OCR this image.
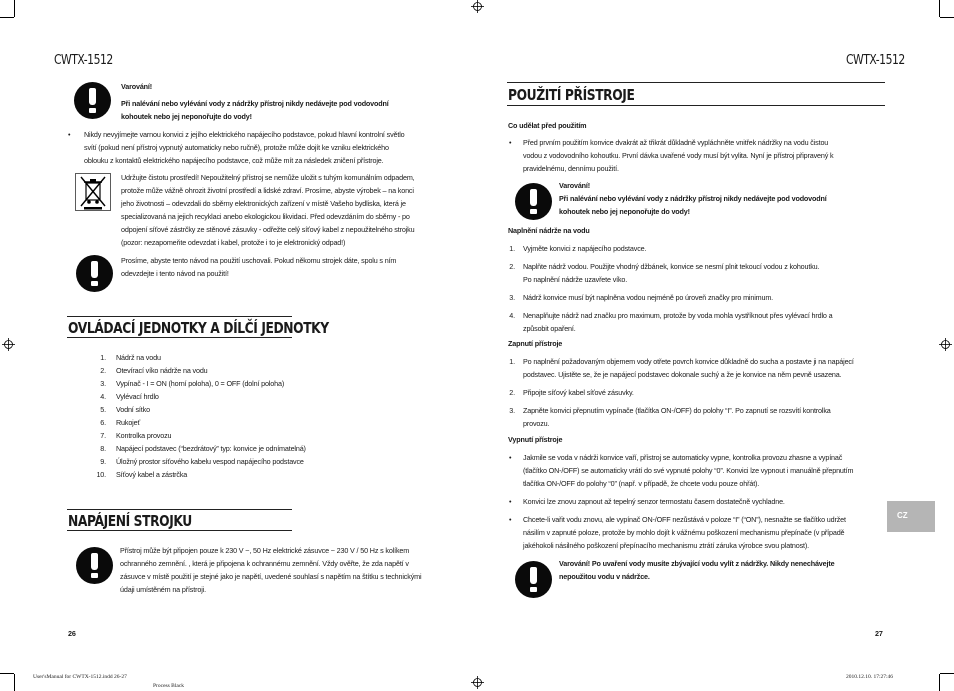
CWTX-1512	CWTX-1512
Varování!
Při nalévání nebo vylévání vody z nádržky přístroj nikdy nedávejte pod vodovodní
kohoutek nebo jej neponořujte do vody!
• Nikdy nevyjímejte varnou konvici z jejího elektrického napájecího podstavce, pokud hlavní kontrolní světlo
svítí (pokud není přístroj vypnutý automaticky nebo ručně), protože může dojít ke vzniku elektrického
oblouku z kontaktů elektrického napájecího podstavce, což může mít za následek zničení přístroje.
Udržujte čistotu prostředí! Nepoužitelný přístroj se nemůže uložit s tuhým komunálním odpadem,
protože může vážně ohrozit životní prostředí a lidské zdraví. Prosíme, abyste výrobek – na konci
jeho životnosti – odevzdali do sběrny elektronických zařízení v místě Vašeho bydliska, která je
specializovaná na jejich recyklaci anebo ekologickou likvidaci. Před odevzdáním do sběrny - po
odpojení síťové zástrčky ze stěnové zásuvky - odřežte celý síťový kabel z nepoužitelného strojku
(pozor: nezapomeňte odevzdat i kabel, protože i to je elektronický odpad!)
Prosíme, abyste tento návod na použití uschovali. Pokud někomu strojek dáte, spolu s ním
odevzdejte i tento návod na použití!
OVLÁDACÍ JEDNOTKY A DÍLČÍ JEDNOTKY
1. Nádrž na vodu
2. Otevírací víko nádrže na vodu
3. Vypínač - I = ON (horní poloha), 0 = OFF (dolní poloha)
4. Vylévací hrdlo
5. Vodní sítko
6. Rukojeť
7. Kontrolka provozu
8. Napájecí podstavec (“bezdrátový” typ: konvice je odnímatelná)
9. Úložný prostor síťového kabelu vespod napájecího podstavce
10. Síťový kabel a zástrčka
NAPÁJENÍ STROJKU
Přístroj může být připojen pouze k 230 V ~, 50 Hz elektrické zásuvce ~ 230 V / 50 Hz s kolíkem
ochranného zemnění. , která je připojena k ochrannému zemnění. Vždy ověřte, že zda napětí v
zásuvce v místě použití je stejné jako je napětí, uvedené souhlasí s napětím na štítku s technickými
údaji umístěném na přístroji.
26
POUŽITÍ PŘÍSTROJE
Co udělat před použitím
• Před prvním použitím konvice dvakrát až třikrát důkladně vypláchněte vnitřek nádržky na vodu čistou
vodou z vodovodního kohoutku. První dávka uvařené vody musí být vylita. Nyní je přístroj připravený k
pravidelnému, dennímu použití.
Varování!
Při nalévání nebo vylévání vody z nádržky přístroj nikdy nedávejte pod vodovodní
kohoutek nebo jej neponořujte do vody!
Naplnění nádrže na vodu
1. Vyjměte konvici z napájecího podstavce.
2. Naplňte nádrž vodou. Použijte vhodný džbánek, konvice se nesmí plnit tekoucí vodou z kohoutku.
Po naplnění nádrže uzavřete víko.
3. Nádrž konvice musí být naplněna vodou nejméně po úroveň značky pro minimum.
4. Nenaplňujte nádrž nad značku pro maximum, protože by voda mohla vystříknout přes vylévací hrdlo a
způsobit opaření.
Zapnutí přístroje
1. Po naplnění požadovaným objemem vody otřete povrch konvice důkladně do sucha a postavte ji na napájecí
podstavec. Ujistěte se, že je napájecí podstavec dokonale suchý a že je konvice na něm pevně usazena.
2. Připojte síťový kabel síťové zásuvky.
3. Zapněte konvici přepnutím vypínače (tlačítka ON-/OFF) do polohy “I”. Po zapnutí se rozsvítí kontrolka
provozu.
Vypnutí přístroje
• Jakmile se voda v nádrži konvice vaří, přístroj se automaticky vypne, kontrolka provozu zhasne a vypínač
(tlačítko ON-/OFF) se automaticky vrátí do své vypnuté polohy “0”. Konvici lze vypnout i manuálně přepnutím
tlačítka ON-/OFF do polohy “0” (např. v případě, že chcete vodu pouze ohřát).
• Konvici lze znovu zapnout až tepelný senzor termostatu časem dostatečně vychladne.
• Chcete-li vařit vodu znovu, ale vypínač ON-/OFF nezůstává v poloze “I” (“ON”), nesnažte se tlačítko udržet
násilím v zapnuté poloze, protože by mohlo dojít k vážnému poškození mechanismu přepínače (v případě
jakéhokoli násilného poškození přepínacího mechanismu ztrátí záruka výrobce svou platnost).
Varování! Po uvaření vody musíte zbývající vodu vylít z nádržky. Nikdy nenechávejte
nepoužitou vodu v nádržce.
CZ
27
User'sManual for CWTX-1512.indd 26-27
Process Black
2010.12.10. 17:27:46
